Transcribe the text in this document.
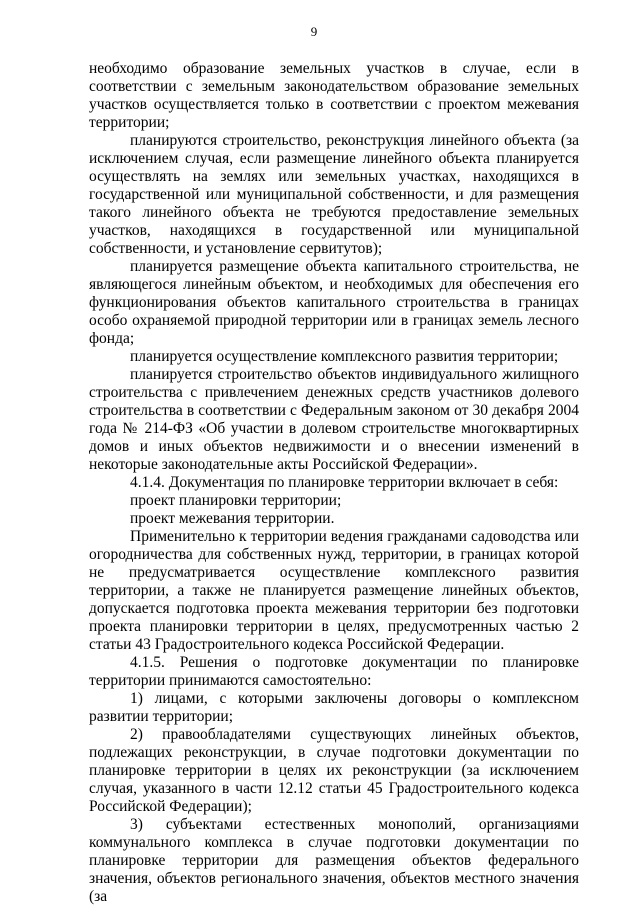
9

необходимо образование земельных участков в случае, если в соответствии с земельным законодательством образование земельных участков осуществляется только в соответствии с проектом межевания территории;

планируются строительство, реконструкция линейного объекта (за исключением случая, если размещение линейного объекта планируется осуществлять на землях или земельных участках, находящихся в государственной или муниципальной собственности, и для размещения такого линейного объекта не требуются предоставление земельных участков, находящихся в государственной или муниципальной собственности, и установление сервитутов);

планируется размещение объекта капитального строительства, не являющегося линейным объектом, и необходимых для обеспечения его функционирования объектов капитального строительства в границах особо охраняемой природной территории или в границах земель лесного фонда;

планируется осуществление комплексного развития территории;

планируется строительство объектов индивидуального жилищного строительства с привлечением денежных средств участников долевого строительства в соответствии с Федеральным законом от 30 декабря 2004 года № 214-ФЗ «Об участии в долевом строительстве многоквартирных домов и иных объектов недвижимости и о внесении изменений в некоторые законодательные акты Российской Федерации».

4.1.4. Документация по планировке территории включает в себя:

проект планировки территории;

проект межевания территории.

Применительно к территории ведения гражданами садоводства или огородничества для собственных нужд, территории, в границах которой не предусматривается осуществление комплексного развития территории, а также не планируется размещение линейных объектов, допускается подготовка проекта межевания территории без подготовки проекта планировки территории в целях, предусмотренных частью 2 статьи 43 Градостроительного кодекса Российской Федерации.

4.1.5. Решения о подготовке документации по планировке территории принимаются самостоятельно:

1) лицами, с которыми заключены договоры о комплексном развитии территории;

2) правообладателями существующих линейных объектов, подлежащих реконструкции, в случае подготовки документации по планировке территории в целях их реконструкции (за исключением случая, указанного в части 12.12 статьи 45 Градостроительного кодекса Российской Федерации);

3) субъектами естественных монополий, организациями коммунального комплекса в случае подготовки документации по планировке территории для размещения объектов федерального значения, объектов регионального значения, объектов местного значения (за
